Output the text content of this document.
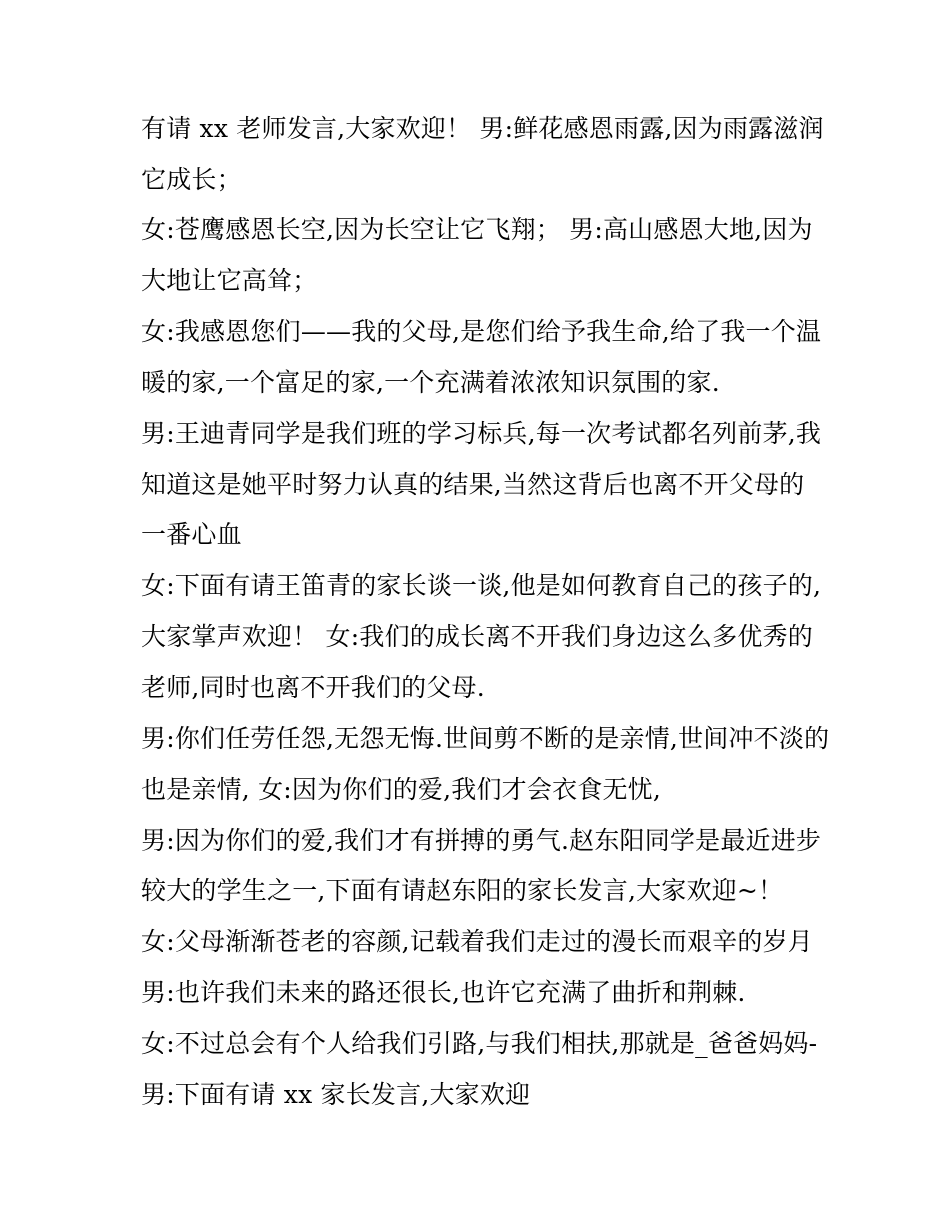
有请 xx 老师发言,大家欢迎！ 男:鲜花感恩雨露,因为雨露滋润
它成长；
女:苍鹰感恩长空,因为长空让它飞翔； 男:高山感恩大地,因为
大地让它高耸；
女:我感恩您们——我的父母,是您们给予我生命,给了我一个温
暖的家,一个富足的家,一个充满着浓浓知识氛围的家.
男:王迪青同学是我们班的学习标兵,每一次考试都名列前茅,我
知道这是她平时努力认真的结果,当然这背后也离不开父母的
一番心血
女:下面有请王笛青的家长谈一谈,他是如何教育自己的孩子的,
大家掌声欢迎！ 女:我们的成长离不开我们身边这么多优秀的
老师,同时也离不开我们的父母.
男:你们任劳任怨,无怨无悔.世间剪不断的是亲情,世间冲不淡的
也是亲情, 女:因为你们的爱,我们才会衣食无忧,
男:因为你们的爱,我们才有拼搏的勇气.赵东阳同学是最近进步
较大的学生之一,下面有请赵东阳的家长发言,大家欢迎~！
女:父母渐渐苍老的容颜,记载着我们走过的漫长而艰辛的岁月
男:也许我们未来的路还很长,也许它充满了曲折和荆棘.
女:不过总会有个人给我们引路,与我们相扶,那就是_爸爸妈妈-
男:下面有请 xx 家长发言,大家欢迎
